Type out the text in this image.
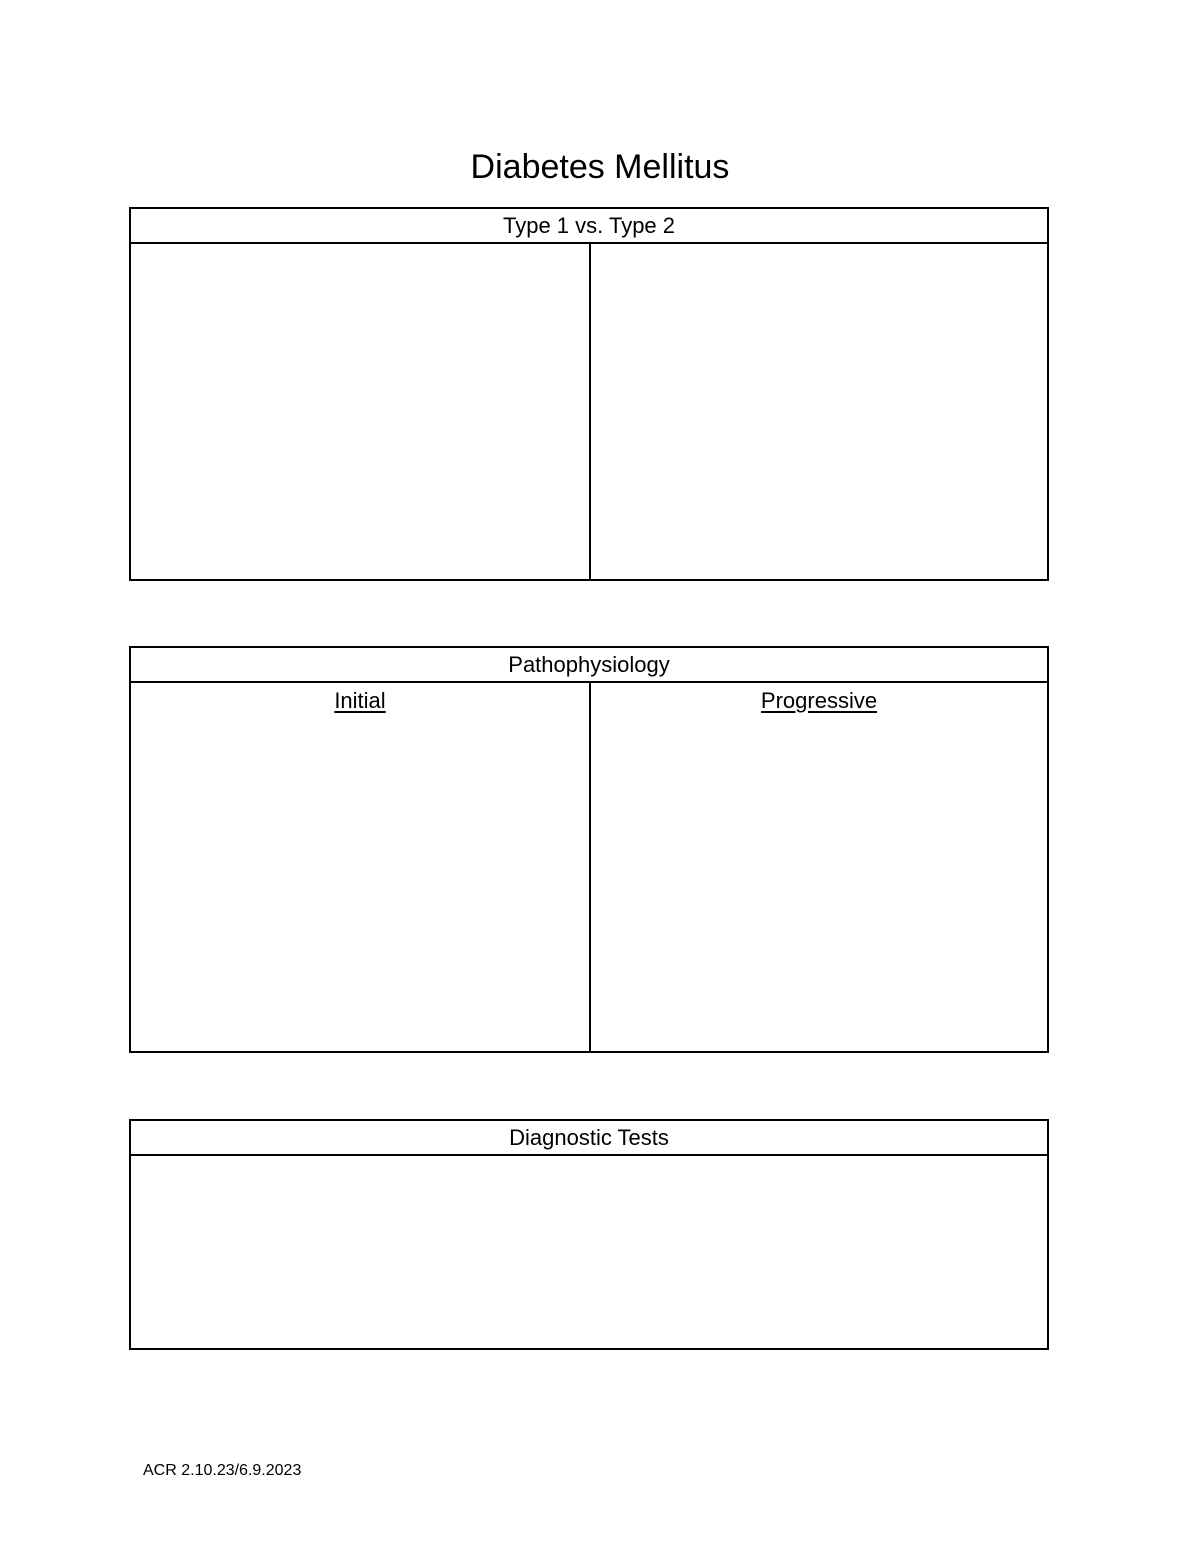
Diabetes Mellitus
Type 1 vs. Type 2
Pathophysiology
Initial	Progressive
Diagnostic Tests
ACR 2.10.23/6.9.2023
